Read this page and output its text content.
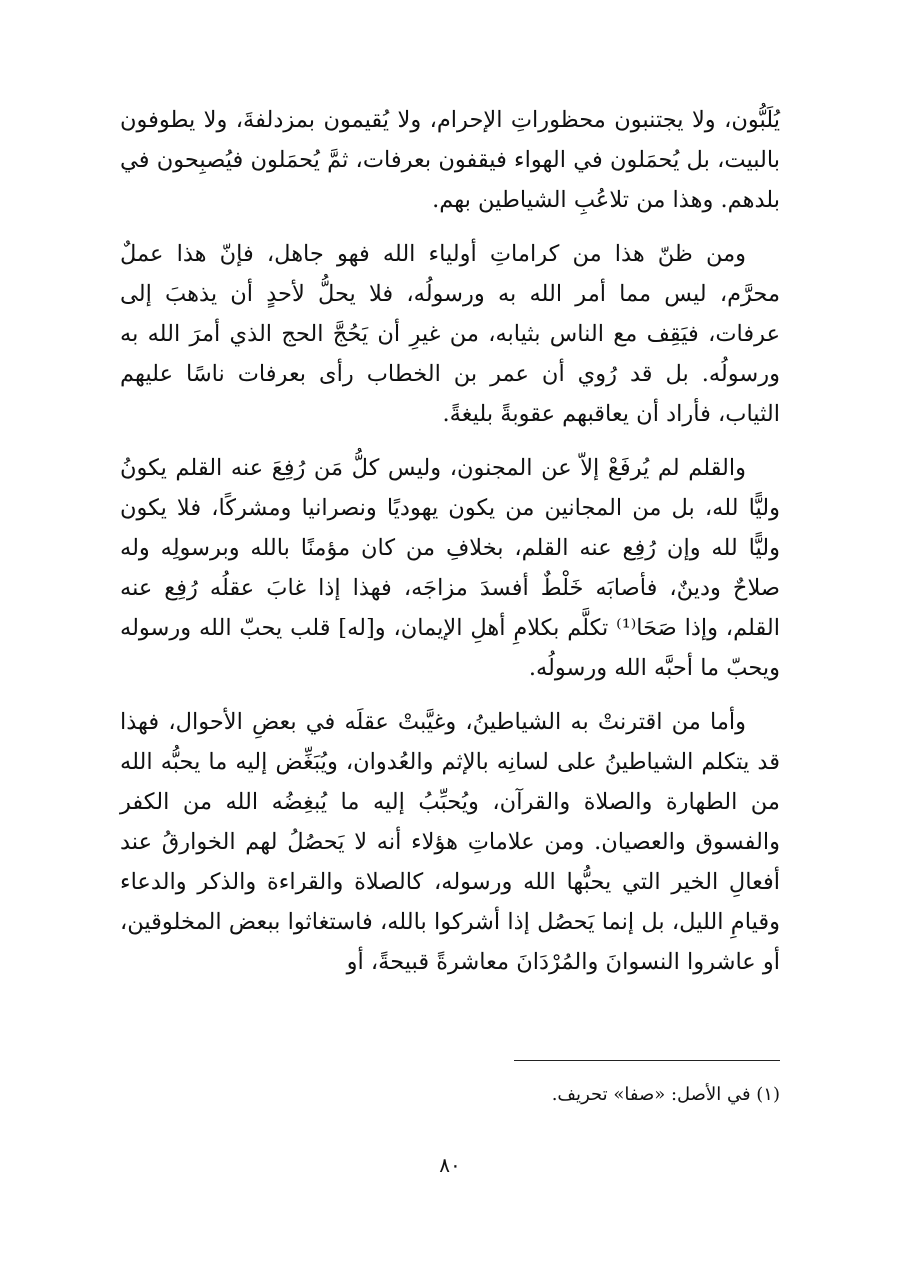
يُلَبُّون، ولا يجتنبون محظوراتِ الإحرام، ولا يُقيمون بمزدلفةَ، ولا يطوفون بالبيت، بل يُحمَلون في الهواء فيقفون بعرفات، ثمَّ يُحمَلون فيُصبِحون في بلدهم. وهذا من تلاعُبِ الشياطين بهم.

ومن ظنّ هذا من كراماتِ أولياء الله فهو جاهل، فإنّ هذا عملٌ محرَّم، ليس مما أمر الله به ورسولُه، فلا يحلُّ لأحدٍ أن يذهبَ إلى عرفات، فيَقِف مع الناس بثيابه، من غيرِ أن يَحُجَّ الحج الذي أمرَ الله به ورسولُه. بل قد رُوي أن عمر بن الخطاب رأى بعرفات ناسًا عليهم الثياب، فأراد أن يعاقبهم عقوبةً بليغةً.

والقلم لم يُرفَعْ إلاّ عن المجنون، وليس كلُّ مَن رُفِعَ عنه القلم يكونُ وليًّا لله، بل من المجانين من يكون يهوديًا ونصرانيا ومشركًا، فلا يكون وليًّا لله وإن رُفِع عنه القلم، بخلافِ من كان مؤمنًا بالله وبرسولِه وله صلاحٌ ودينٌ، فأصابَه خَلْطٌ أفسدَ مزاجَه، فهذا إذا غابَ عقلُه رُفِع عنه القلم، وإذا صَحَا⁽¹⁾ تكلَّم بكلامِ أهلِ الإيمان، و[له] قلب يحبّ الله ورسوله ويحبّ ما أحبَّه الله ورسولُه.

وأما من اقترنتْ به الشياطينُ، وغيَّبتْ عقلَه في بعضِ الأحوال، فهذا قد يتكلم الشياطينُ على لسانِه بالإثم والعُدوان، ويُبَغِّض إليه ما يحبُّه الله من الطهارة والصلاة والقرآن، ويُحبِّبُ إليه ما يُبغِضُه الله من الكفر والفسوق والعصيان. ومن علاماتِ هؤلاء أنه لا يَحصُلُ لهم الخوارقُ عند أفعالِ الخير التي يحبُّها الله ورسوله، كالصلاة والقراءة والذكر والدعاء وقيامِ الليل، بل إنما يَحصُل إذا أشركوا بالله، فاستغاثوا ببعض المخلوقين، أو عاشروا النسوانَ والمُرْدَانَ معاشرةً قبيحةً، أو

(١) في الأصل: «صفا» تحريف.

٨٠
